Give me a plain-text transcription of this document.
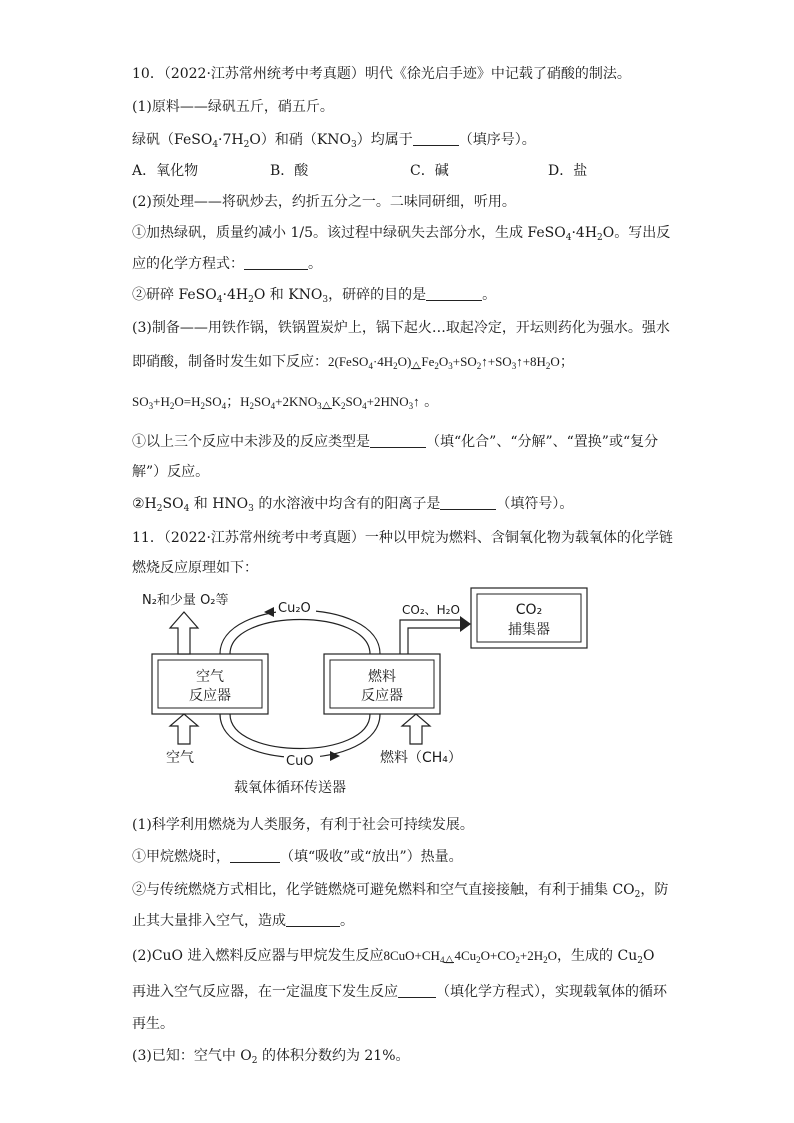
10．（2022·江苏常州统考中考真题）明代《徐光启手迹》中记载了硝酸的制法。
(1)原料——绿矾五斤，硝五斤。
绿矾$(FeSO_4\cdot 7H_2O)$和硝$(KNO_3)$均属于	（填序号）。
A．氧化物	B．酸	C．碱	D．盐
(2)预处理——将矾炒去，约折五分之一。二味同研细，听用。
①加热绿矾，质量约减小 1/5。该过程中绿矾失去部分水，生成 $FeSO_4\cdot 4H_2O$。写出反
应的化学方程式：	。
②研碎 $FeSO_4\cdot 4H_2O$ 和 $KNO_3$，研碎的目的是	。
(3)制备——用铁作锅，铁锅置炭炉上，锅下起火…取起冷定，开坛则药化为强水。强水
即硝酸，制备时发生如下反应：$2(FeSO_4\cdot 4H_2O)$ △ $Fe_2O_3+SO_2↑+SO_3↑+8H_2O$；
$SO_3+H_2O=H_2SO_4$；$H_2SO_4+2KNO_3$ △ $K_2SO_4+2HNO_3↑$ 。
①以上三个反应中未涉及的反应类型是	（填“化合”、“分解”、“置换”或“复分
解”）反应。
$②H_2SO_4$ 和 $HNO_3$ 的水溶液中均含有的阳离子是	（填符号）。
11．（2022·江苏常州统考中考真题）一种以甲烷为燃料、含铜氧化物为载氧体的化学链
燃烧反应原理如下：
Cu₂O
CuO
空气
反应器
燃料
反应器
CO₂
捕集器
N₂和少量 O₂等
空气	燃料（CH₄）
CO₂、H₂O
载氧体循环传送器
(1)科学利用燃烧为人类服务，有利于社会可持续发展。
①甲烷燃烧时，	（填“吸收”或“放出”）热量。
②与传统燃烧方式相比，化学链燃烧可避免燃料和空气直接接触，有利于捕集 $CO_2$，防
止其大量排入空气，造成	。
(2)CuO 进入燃料反应器与甲烷发生反应$8CuO+CH_4$ △ $4Cu_2O+CO_2+2H_2O$，生成的 $Cu_2O$
再进入空气反应器，在一定温度下发生反应	（填化学方程式），实现载氧体的循环
再生。
(3)已知：空气中 $O_2$ 的体积分数约为 21%。
